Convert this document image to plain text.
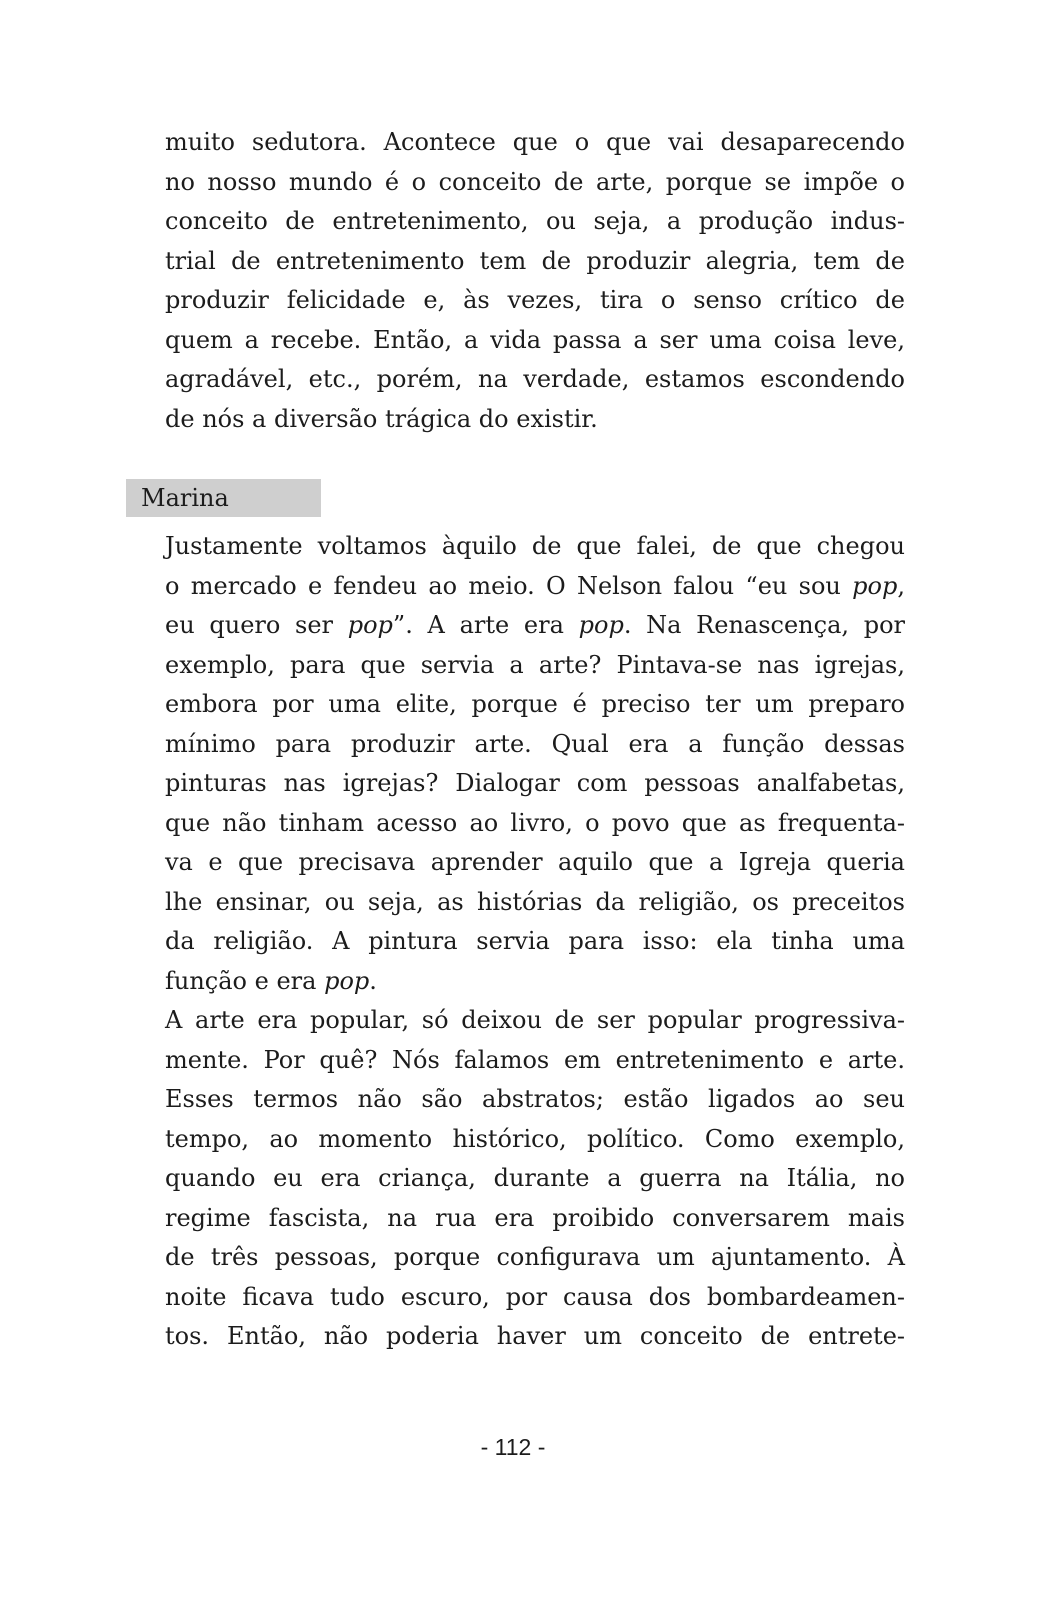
muito sedutora. Acontece que o que vai desaparecendo
no nosso mundo é o conceito de arte, porque se impõe o
conceito de entretenimento, ou seja, a produção indus-
trial de entretenimento tem de produzir alegria, tem de
produzir felicidade e, às vezes, tira o senso crítico de
quem a recebe. Então, a vida passa a ser uma coisa leve,
agradável, etc., porém, na verdade, estamos escondendo
de nós a diversão trágica do existir.
Marina
Justamente voltamos àquilo de que falei, de que chegou
o mercado e fendeu ao meio. O Nelson falou “eu sou pop,
eu quero ser pop”. A arte era pop. Na Renascença, por
exemplo, para que servia a arte? Pintava-se nas igrejas,
embora por uma elite, porque é preciso ter um preparo
mínimo para produzir arte. Qual era a função dessas
pinturas nas igrejas? Dialogar com pessoas analfabetas,
que não tinham acesso ao livro, o povo que as frequenta-
va e que precisava aprender aquilo que a Igreja queria
lhe ensinar, ou seja, as histórias da religião, os preceitos
da religião. A pintura servia para isso: ela tinha uma
função e era pop.
A arte era popular, só deixou de ser popular progressiva-
mente. Por quê? Nós falamos em entretenimento e arte.
Esses termos não são abstratos; estão ligados ao seu
tempo, ao momento histórico, político. Como exemplo,
quando eu era criança, durante a guerra na Itália, no
regime fascista, na rua era proibido conversarem mais
de três pessoas, porque configurava um ajuntamento. À
noite ficava tudo escuro, por causa dos bombardeamen-
tos. Então, não poderia haver um conceito de entrete-
- 112 -
